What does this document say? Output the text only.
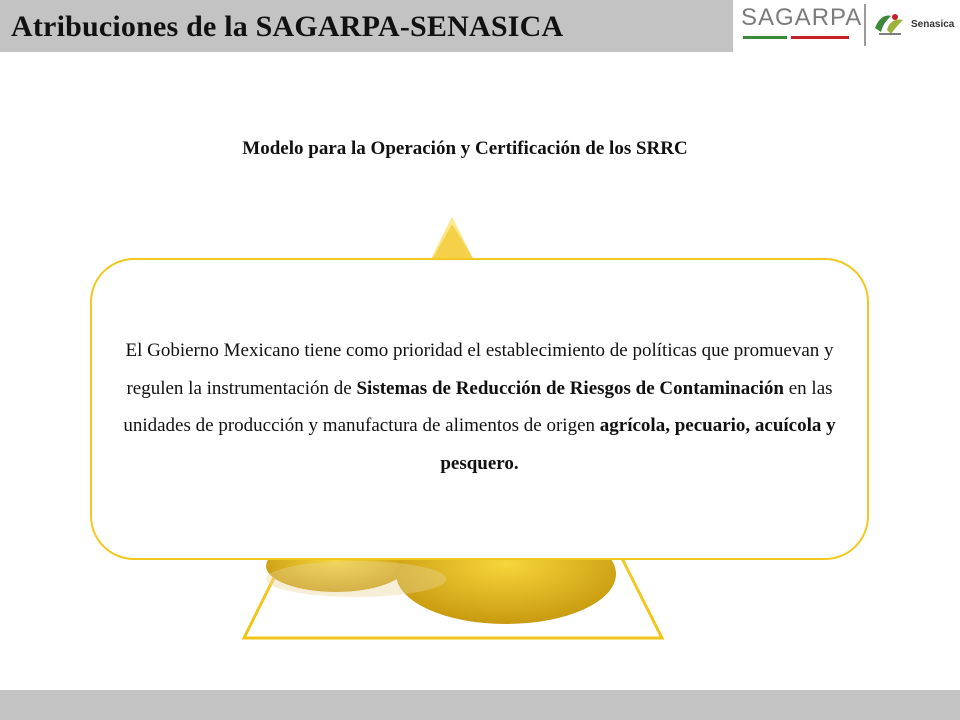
Atribuciones de la SAGARPA-SENASICA	SAGARPA	Senasica
Modelo para la Operación y Certificación de los SRRC
El Gobierno Mexicano tiene como prioridad el establecimiento de políticas que promuevan y regulen la instrumentación de Sistemas de Reducción de Riesgos de Contaminación en las unidades de producción y manufactura de alimentos de origen agrícola, pecuario, acuícola y pesquero.
